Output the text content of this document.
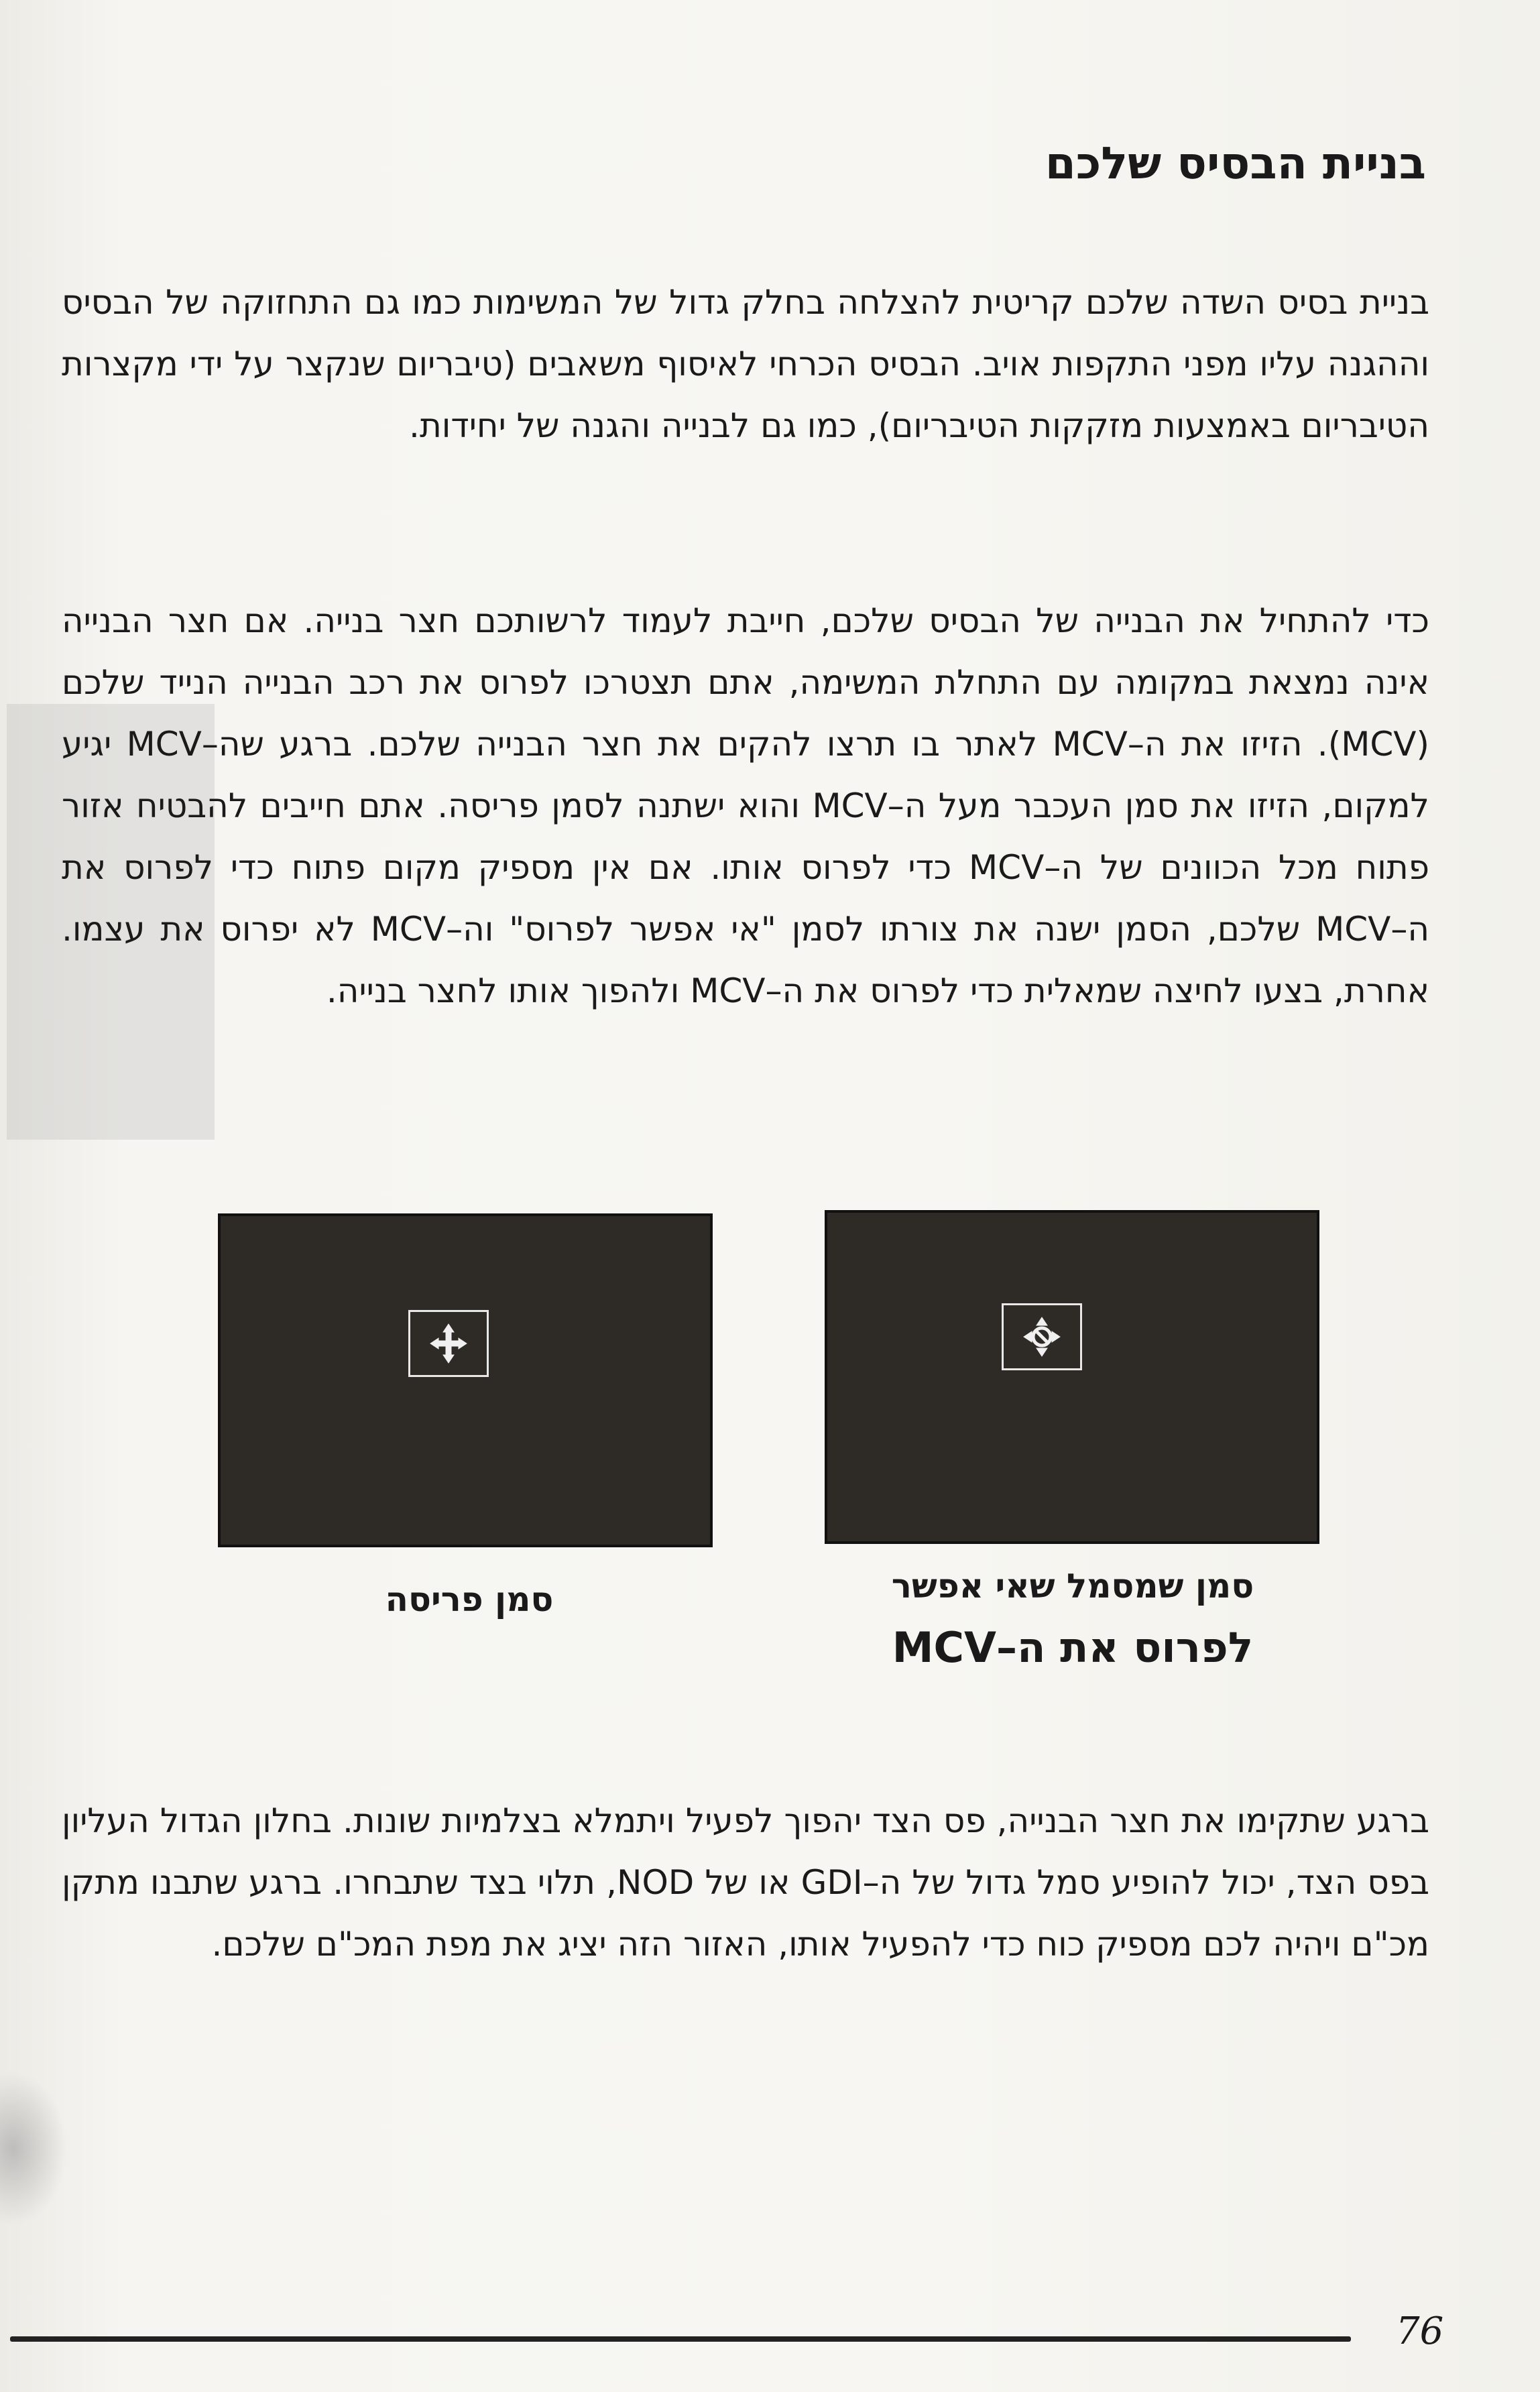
בניית הבסיס שלכם
בניית בסיס השדה שלכם קריטית להצלחה בחלק גדול של המשימות כמו גם התחזוקה של הבסיס וההגנה עליו מפני התקפות אויב. הבסיס הכרחי לאיסוף משאבים (טיבריום שנקצר על ידי מקצרות הטיבריום באמצעות מזקקות הטיבריום), כמו גם לבנייה והגנה של יחידות.
כדי להתחיל את הבנייה של הבסיס שלכם, חייבת לעמוד לרשותכם חצר בנייה. אם חצר הבנייה אינה נמצאת במקומה עם התחלת המשימה, אתם תצטרכו לפרוס את רכב הבנייה הנייד שלכם (MCV). הזיזו את ה–MCV לאתר בו תרצו להקים את חצר הבנייה שלכם. ברגע שה–MCV יגיע למקום, הזיזו את סמן העכבר מעל ה–MCV והוא ישתנה לסמן פריסה. אתם חייבים להבטיח אזור פתוח מכל הכוונים של ה–MCV כדי לפרוס אותו. אם אין מספיק מקום פתוח כדי לפרוס את ה–MCV שלכם, הסמן ישנה את צורתו לסמן "אי אפשר לפרוס" וה–MCV לא יפרוס את עצמו. אחרת, בצעו לחיצה שמאלית כדי לפרוס את ה–MCV ולהפוך אותו לחצר בנייה.
סמן פריסה	סמן שמסמל שאי אפשר
לפרוס את ה–MCV
ברגע שתקימו את חצר הבנייה, פס הצד יהפוך לפעיל ויתמלא בצלמיות שונות. בחלון הגדול העליון בפס הצד, יכול להופיע סמל גדול של ה–GDI או של NOD, תלוי בצד שתבחרו. ברגע שתבנו מתקן מכ"ם ויהיה לכם מספיק כוח כדי להפעיל אותו, האזור הזה יציג את מפת המכ"ם שלכם.
76
